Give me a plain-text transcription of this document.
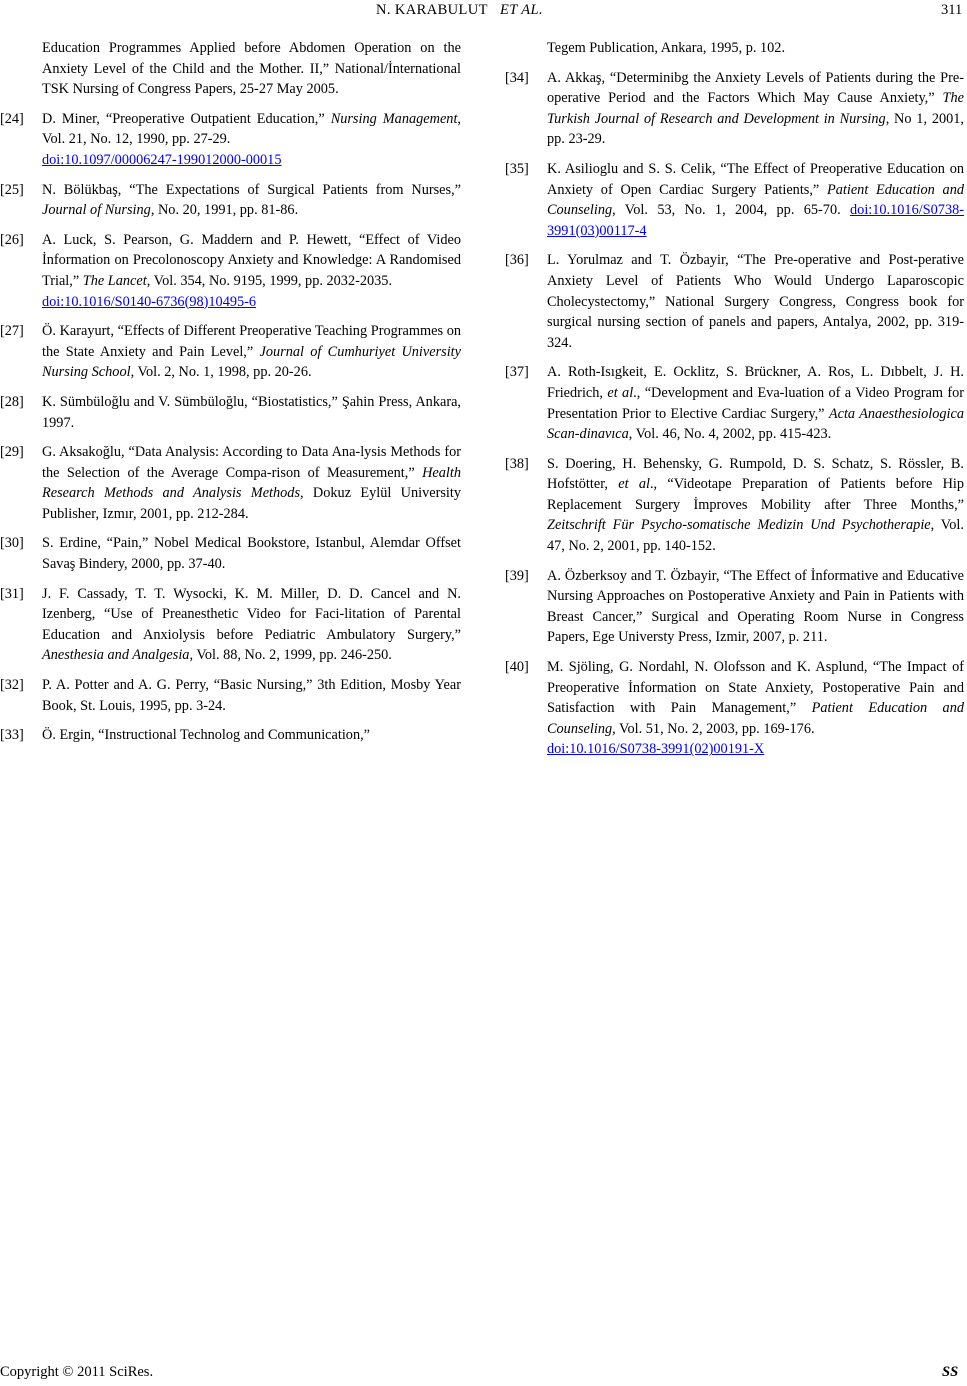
N. KARABULUT ET AL.	311
Education Programmes Applied before Abdomen Operation on the Anxiety Level of the Child and the Mother. II,” National/İnternational TSK Nursing of Congress Papers, 25-27 May 2005.
[24] D. Miner, “Preoperative Outpatient Education,” Nursing Management, Vol. 21, No. 12, 1990, pp. 27-29.
doi:10.1097/00006247-199012000-00015
[25] N. Bölükbaş, “The Expectations of Surgical Patients from Nurses,” Journal of Nursing, No. 20, 1991, pp. 81-86.
[26] A. Luck, S. Pearson, G. Maddern and P. Hewett, “Effect of Video İnformation on Precolonoscopy Anxiety and Knowledge: A Randomised Trial,” The Lancet, Vol. 354, No. 9195, 1999, pp. 2032-2035.
doi:10.1016/S0140-6736(98)10495-6
[27] Ö. Karayurt, “Effects of Different Preoperative Teaching Programmes on the State Anxiety and Pain Level,” Journal of Cumhuriyet University Nursing School, Vol. 2, No. 1, 1998, pp. 20-26.
[28] K. Sümbüloğlu and V. Sümbüloğlu, “Biostatistics,” Şahin Press, Ankara, 1997.
[29] G. Aksakoğlu, “Data Analysis: According to Data Ana-lysis Methods for the Selection of the Average Compa-rison of Measurement,” Health Research Methods and Analysis Methods, Dokuz Eylül University Publisher, Izmır, 2001, pp. 212-284.
[30] S. Erdine, “Pain,” Nobel Medical Bookstore, Istanbul, Alemdar Offset Savaş Bindery, 2000, pp. 37-40.
[31] J. F. Cassady, T. T. Wysocki, K. M. Miller, D. D. Cancel and N. Izenberg, “Use of Preanesthetic Video for Faci-litation of Parental Education and Anxiolysis before Pediatric Ambulatory Surgery,” Anesthesia and Analgesia, Vol. 88, No. 2, 1999, pp. 246-250.
[32] P. A. Potter and A. G. Perry, “Basic Nursing,” 3th Edition, Mosby Year Book, St. Louis, 1995, pp. 3-24.
[33] Ö. Ergin, “Instructional Technolog and Communication,”
Tegem Publication, Ankara, 1995, p. 102.
[34] A. Akkaş, “Determinibg the Anxiety Levels of Patients during the Pre-operative Period and the Factors Which May Cause Anxiety,” The Turkish Journal of Research and Development in Nursing, No 1, 2001, pp. 23-29.
[35] K. Asilioglu and S. S. Celik, “The Effect of Preoperative Education on Anxiety of Open Cardiac Surgery Patients,” Patient Education and Counseling, Vol. 53, No. 1, 2004, pp. 65-70. doi:10.1016/S0738-3991(03)00117-4
[36] L. Yorulmaz and T. Özbayir, “The Pre-operative and Post-perative Anxiety Level of Patients Who Would Undergo Laparoscopic Cholecystectomy,” National Surgery Congress, Congress book for surgical nursing section of panels and papers, Antalya, 2002, pp. 319-324.
[37] A. Roth-Isıgkeit, E. Ocklitz, S. Brückner, A. Ros, L. Dıbbelt, J. H. Friedrich, et al., “Development and Eva-luation of a Video Program for Presentation Prior to Elective Cardiac Surgery,” Acta Anaesthesiologica Scan-dinavıca, Vol. 46, No. 4, 2002, pp. 415-423.
[38] S. Doering, H. Behensky, G. Rumpold, D. S. Schatz, S. Rössler, B. Hofstötter, et al., “Videotape Preparation of Patients before Hip Replacement Surgery İmproves Mobility after Three Months,” Zeitschrift Für Psycho-somatische Medizin Und Psychotherapie, Vol. 47, No. 2, 2001, pp. 140-152.
[39] A. Özberksoy and T. Özbayir, “The Effect of İnformative and Educative Nursing Approaches on Postoperative Anxiety and Pain in Patients with Breast Cancer,” Surgical and Operating Room Nurse in Congress Papers, Ege Universty Press, Izmir, 2007, p. 211.
[40] M. Sjöling, G. Nordahl, N. Olofsson and K. Asplund, “The Impact of Preoperative İnformation on State Anxiety, Postoperative Pain and Satisfaction with Pain Management,” Patient Education and Counseling, Vol. 51, No. 2, 2003, pp. 169-176.
doi:10.1016/S0738-3991(02)00191-X
Copyright © 2011 SciRes.	SS
